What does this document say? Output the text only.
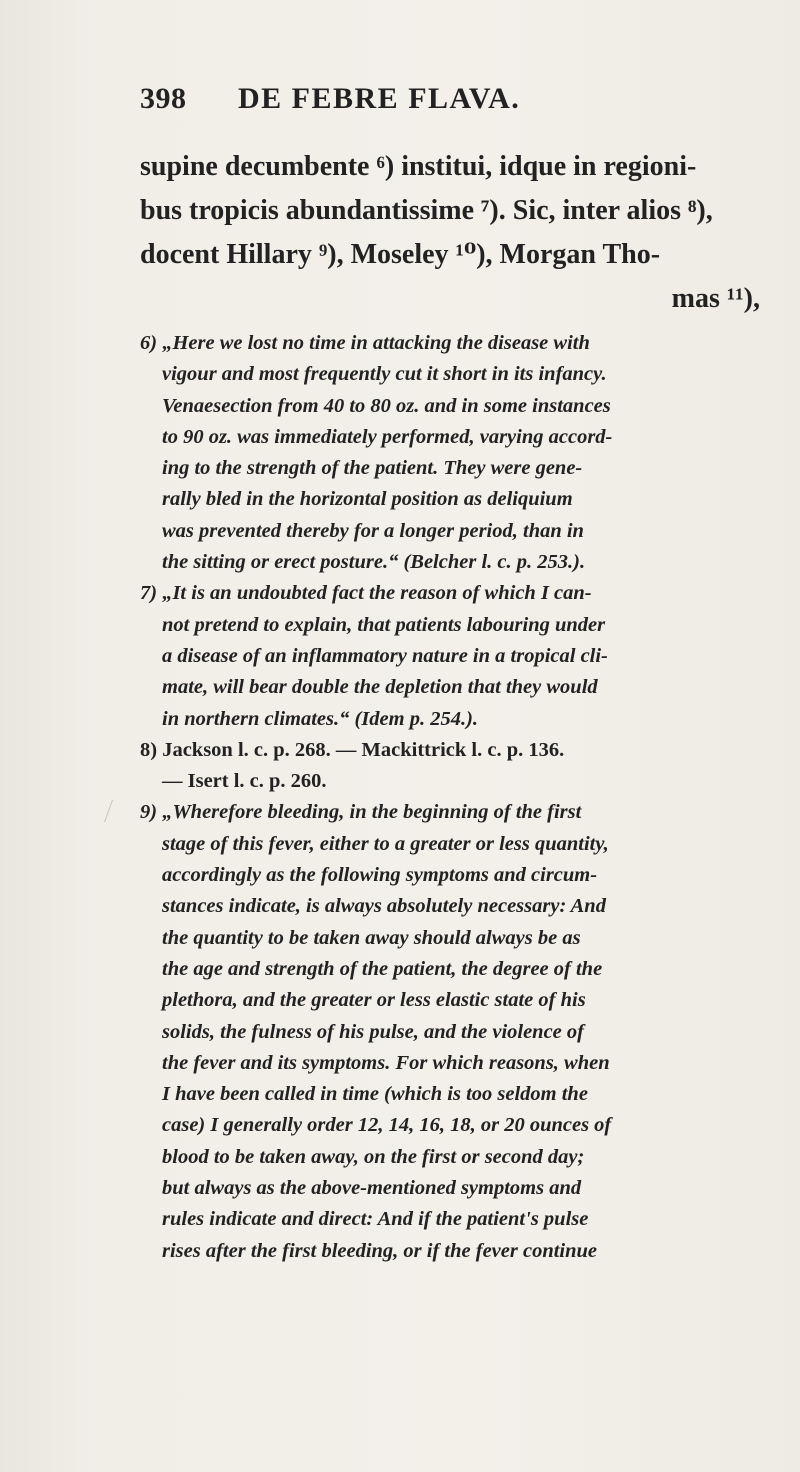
398 DE FEBRE FLAVA.
supine decumbente ⁶) institui, idque in regioni-
bus tropicis abundantissime ⁷). Sic, inter alios ⁸),
docent Hillary ⁹), Moseley ¹⁰), Morgan Tho-
mas ¹¹),
6) „Here we lost no time in attacking the disease with
vigour and most frequently cut it short in its infancy.
Venaesection from 40 to 80 oz. and in some instances
to 90 oz. was immediately performed, varying accord-
ing to the strength of the patient. They were gene-
rally bled in the horizontal position as deliquium
was prevented thereby for a longer period, than in
the sitting or erect posture.“ (Belcher l. c. p. 253.).
7) „It is an undoubted fact the reason of which I can-
not pretend to explain, that patients labouring under
a disease of an inflammatory nature in a tropical cli-
mate, will bear double the depletion that they would
in northern climates.“ (Idem p. 254.).
8) Jackson l. c. p. 268. — Mackittrick l. c. p. 136.
— Isert l. c. p. 260.
9) „Wherefore bleeding, in the beginning of the first
stage of this fever, either to a greater or less quantity,
accordingly as the following symptoms and circum-
stances indicate, is always absolutely necessary: And
the quantity to be taken away should always be as
the age and strength of the patient, the degree of the
plethora, and the greater or less elastic state of his
solids, the fulness of his pulse, and the violence of
the fever and its symptoms. For which reasons, when
I have been called in time (which is too seldom the
case) I generally order 12, 14, 16, 18, or 20 ounces of
blood to be taken away, on the first or second day;
but always as the above-mentioned symptoms and
rules indicate and direct: And if the patient's pulse
rises after the first bleeding, or if the fever continue
